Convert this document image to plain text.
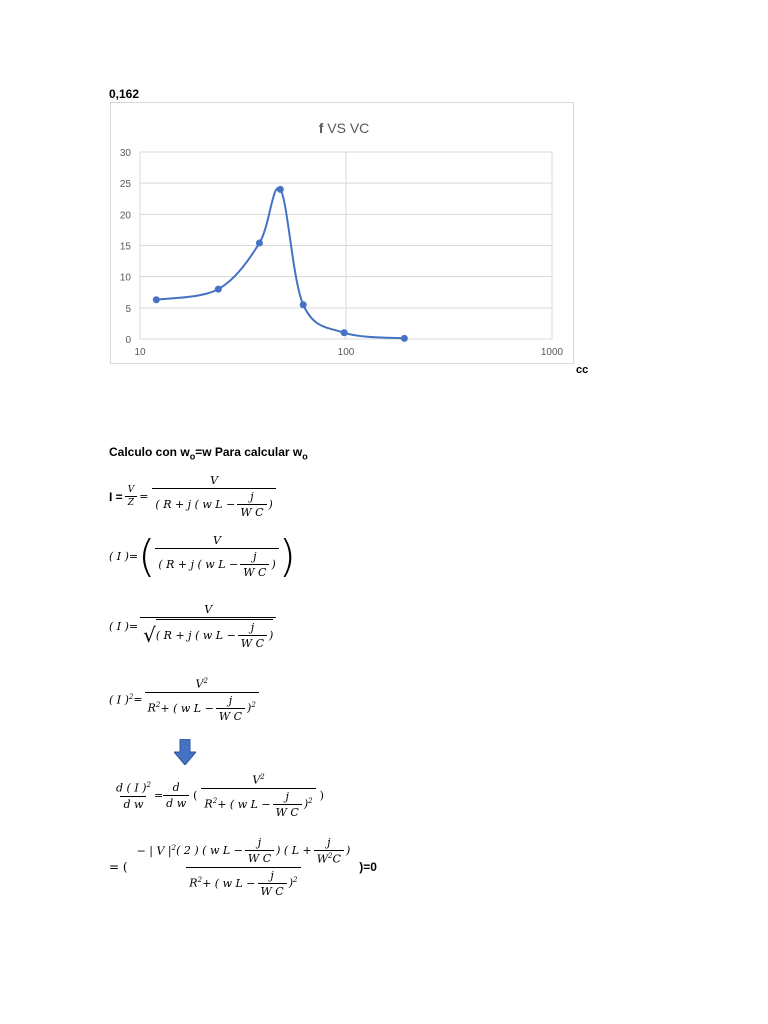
0,162
f VS VC
0
5
10
15
20
25
30
10	100	1000
cc
Calculo con $w_o=w$ Para calcular $w_o$
$I = \frac{V}{Z} = \frac{V}{( R + j ( w L - \frac{j}{\text{W C}} )}$
( I )= ( $\frac{V}{( R + j ( w L - \frac{j}{\text{W C}} )}$ )
( I )=
V
√ ( R + j ( w $L - \frac{j}{\text{W C}}$ )
( I )$^2$ =
$V^2$
$R^2$ + ( w $L - \frac{j}{\text{W C}} )^2$
$\frac{d ( I )^2}{\text{d w}} = \frac{d}{\text{d w}}$ (
$V^2$
$R^2$ + ( w $L - \frac{j}{\text{W C}} )^2$ )
= (
− | V $|^2$ ( 2 ) ( w $L - \frac{j}{\text{W C}}$ ) ( $L + \frac{j}{W^2C}$ )
$R^2$ + ( w $L - \frac{j}{\text{W C}} )^2$
)=0
